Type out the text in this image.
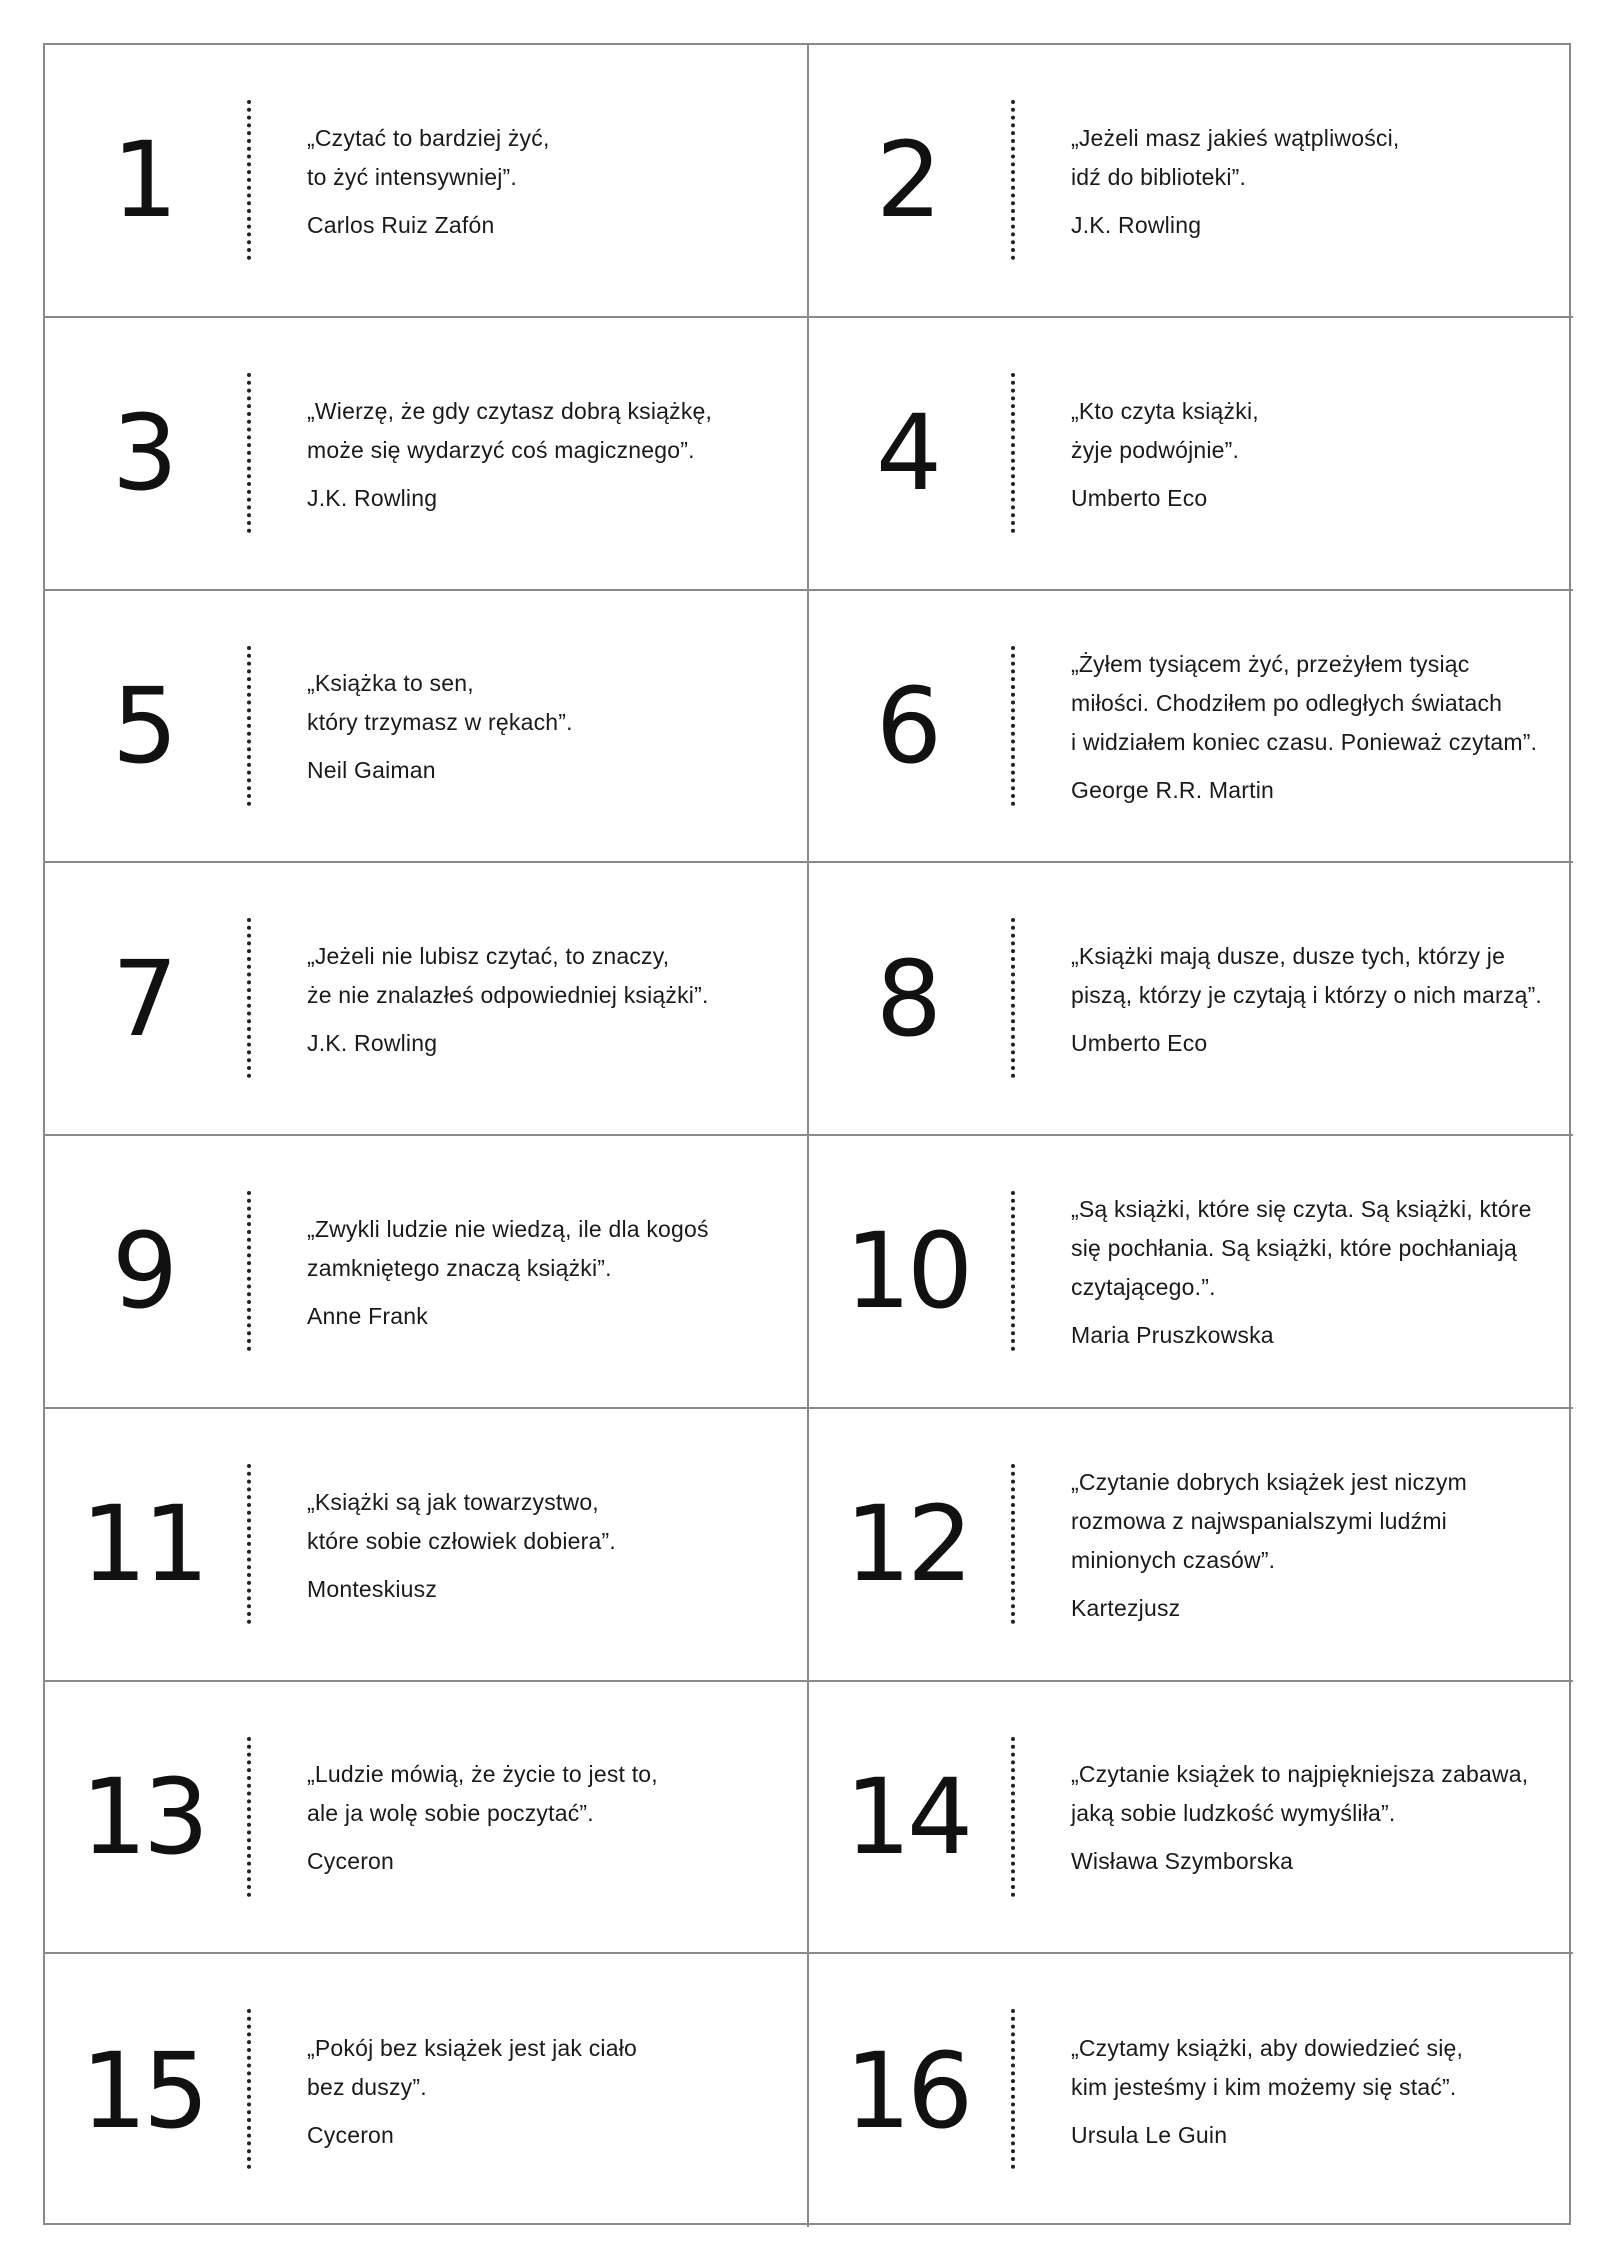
1	„Czytać to bardziej żyć,
to żyć intensywniej”.
Carlos Ruiz Zafón	2	„Jeżeli masz jakieś wątpliwości,
idź do biblioteki”.
J.K. Rowling
3	„Wierzę, że gdy czytasz dobrą książkę,
może się wydarzyć coś magicznego”.
J.K. Rowling	4	„Kto czyta książki,
żyje podwójnie”.
Umberto Eco
5	„Książka to sen,
który trzymasz w rękach”.
Neil Gaiman	6
„Żyłem tysiącem żyć, przeżyłem tysiąc
miłości. Chodziłem po odległych światach
i widziałem koniec czasu. Ponieważ czytam”.
George R.R. Martin
7	„Jeżeli nie lubisz czytać, to znaczy,
że nie znalazłeś odpowiedniej książki”.
J.K. Rowling	8	„Książki mają dusze, dusze tych, którzy je
piszą, którzy je czytają i którzy o nich marzą”.
Umberto Eco
9	„Zwykli ludzie nie wiedzą, ile dla kogoś
zamkniętego znaczą książki”.
Anne Frank	10
„Są książki, które się czyta. Są książki, które
się pochłania. Są książki, które pochłaniają
czytającego.”.
Maria Pruszkowska
11	„Książki są jak towarzystwo,
które sobie człowiek dobiera”.
Monteskiusz	12
„Czytanie dobrych książek jest niczym
rozmowa z najwspanialszymi ludźmi
minionych czasów”.
Kartezjusz
13	„Ludzie mówią, że życie to jest to,
ale ja wolę sobie poczytać”.
Cyceron	14	„Czytanie książek to najpiękniejsza zabawa,
jaką sobie ludzkość wymyśliła”.
Wisława Szymborska
15	„Pokój bez książek jest jak ciało
bez duszy”.
Cyceron	16	„Czytamy książki, aby dowiedzieć się,
kim jesteśmy i kim możemy się stać”.
Ursula Le Guin
